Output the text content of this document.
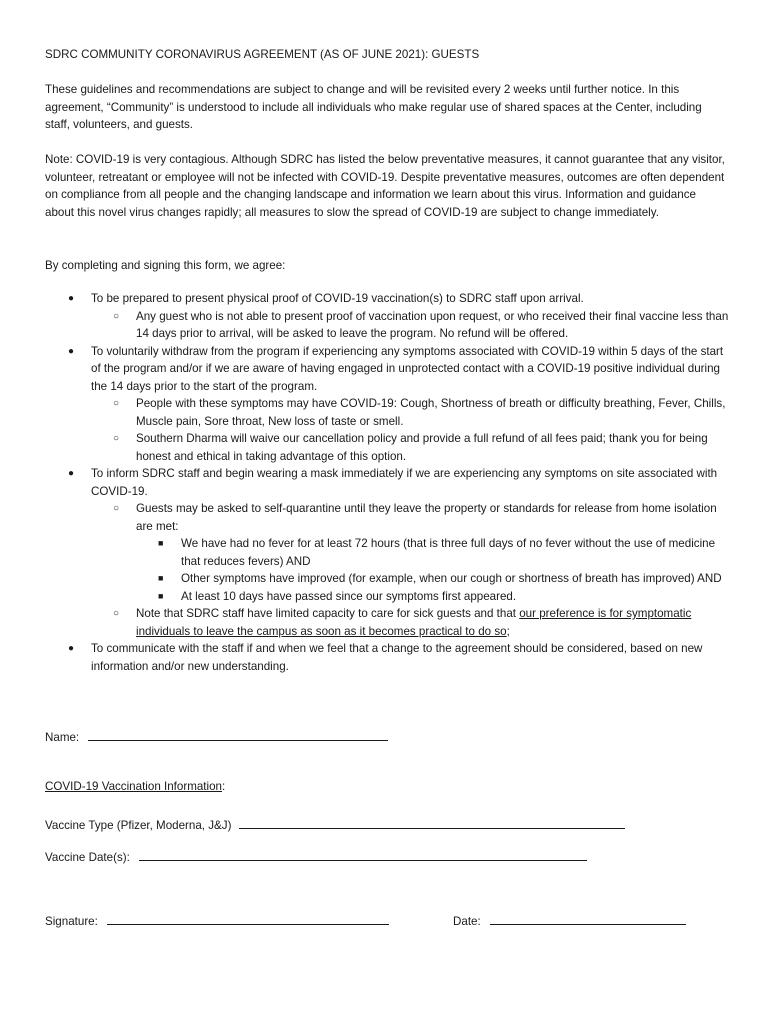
SDRC COMMUNITY CORONAVIRUS AGREEMENT (AS OF JUNE 2021): GUESTS

These guidelines and recommendations are subject to change and will be revisited every 2 weeks until further notice. In this agreement, “Community” is understood to include all individuals who make regular use of shared spaces at the Center, including staff, volunteers, and guests.

Note: COVID-19 is very contagious. Although SDRC has listed the below preventative measures, it cannot guarantee that any visitor, volunteer, retreatant or employee will not be infected with COVID-19. Despite preventative measures, outcomes are often dependent on compliance from all people and the changing landscape and information we learn about this virus. Information and guidance about this novel virus changes rapidly; all measures to slow the spread of COVID-19 are subject to change immediately.

By completing and signing this form, we agree:

● To be prepared to present physical proof of COVID-19 vaccination(s) to SDRC staff upon arrival.
○ Any guest who is not able to present proof of vaccination upon request, or who received their final vaccine less than 14 days prior to arrival, will be asked to leave the program. No refund will be offered.
● To voluntarily withdraw from the program if experiencing any symptoms associated with COVID-19 within 5 days of the start of the program and/or if we are aware of having engaged in unprotected contact with a COVID-19 positive individual during the 14 days prior to the start of the program.
○ People with these symptoms may have COVID-19: Cough, Shortness of breath or difficulty breathing, Fever, Chills, Muscle pain, Sore throat, New loss of taste or smell.
○ Southern Dharma will waive our cancellation policy and provide a full refund of all fees paid; thank you for being honest and ethical in taking advantage of this option.
● To inform SDRC staff and begin wearing a mask immediately if we are experiencing any symptoms on site associated with COVID-19.
○ Guests may be asked to self-quarantine until they leave the property or standards for release from home isolation are met:
■ We have had no fever for at least 72 hours (that is three full days of no fever without the use of medicine that reduces fevers) AND
■ Other symptoms have improved (for example, when our cough or shortness of breath has improved) AND
■ At least 10 days have passed since our symptoms first appeared.
○ Note that SDRC staff have limited capacity to care for sick guests and that our preference is for symptomatic individuals to leave the campus as soon as it becomes practical to do so;
● To communicate with the staff if and when we feel that a change to the agreement should be considered, based on new information and/or new understanding.
Name:
COVID-19 Vaccination Information:
Vaccine Type (Pfizer, Moderna, J&J)
Vaccine Date(s):
Signature:	Date:
